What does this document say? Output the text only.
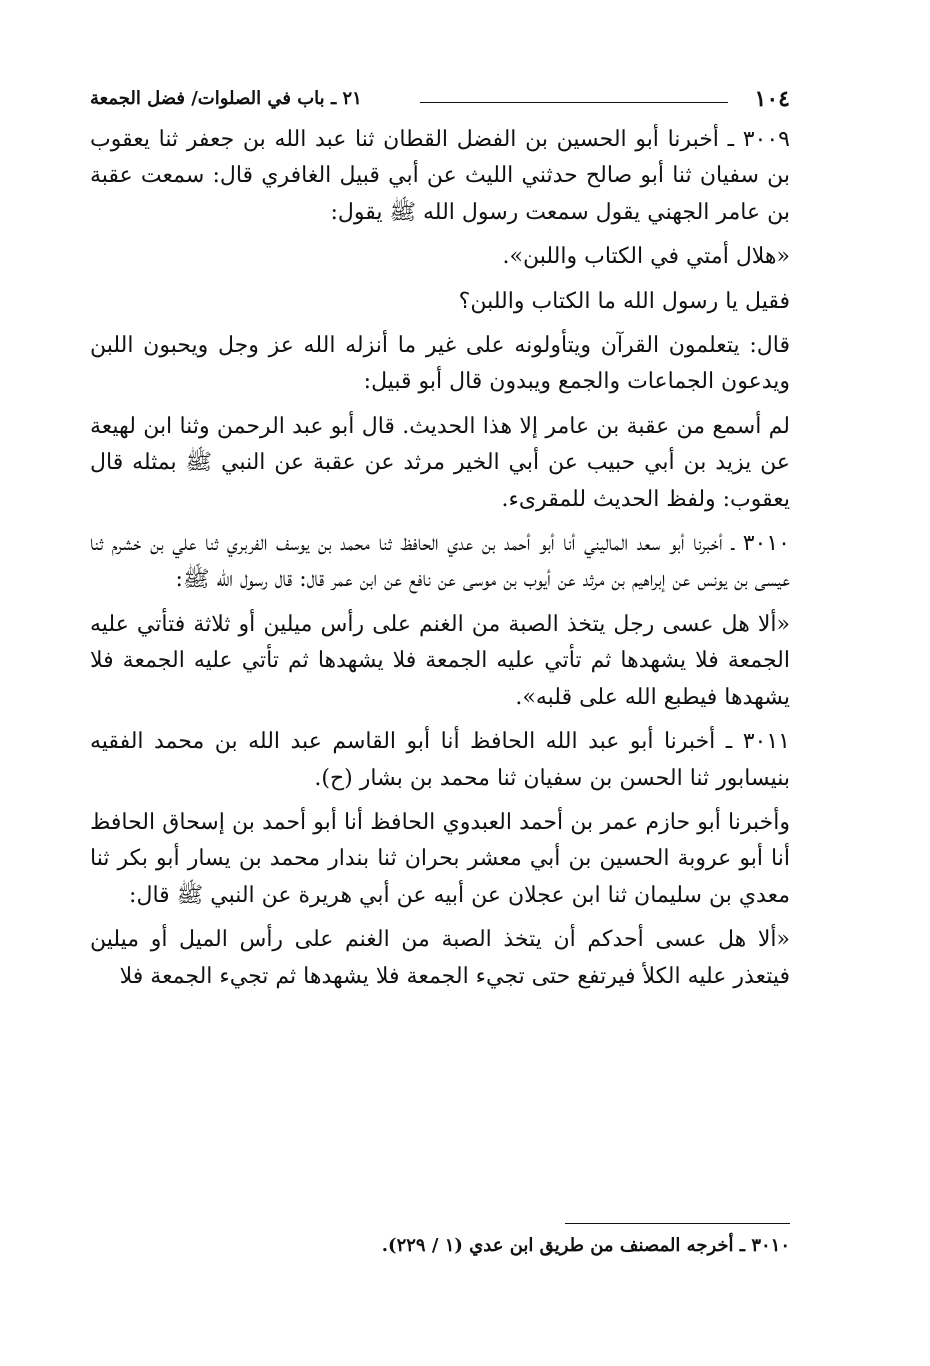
١٠٤
٢١ ـ باب في الصلوات/ فضل الجمعة

٣٠٠٩ ـ أخبرنا أبو الحسين بن الفضل القطان ثنا عبد الله بن جعفر ثنا يعقوب بن سفيان ثنا أبو صالح حدثني الليث عن أبي قبيل الغافري قال: سمعت عقبة بن عامر الجهني يقول سمعت رسول الله ﷺ يقول:

«هلال أمتي في الكتاب واللبن».

فقيل يا رسول الله ما الكتاب واللبن؟

قال: يتعلمون القرآن ويتأولونه على غير ما أنزله الله عز وجل ويحبون اللبن ويدعون الجماعات والجمع ويبدون قال أبو قبيل:

لم أسمع من عقبة بن عامر إلا هذا الحديث. قال أبو عبد الرحمن وثنا ابن لهيعة عن يزيد بن أبي حبيب عن أبي الخير مرثد عن عقبة عن النبي ﷺ بمثله قال يعقوب: ولفظ الحديث للمقرىء.

٣٠١٠ ـ أخبرنا أبو سعد الماليني أنا أبو أحمد بن عدي الحافظ ثنا محمد بن يوسف الفربري ثنا علي بن خشرم ثنا عيسى بن يونس عن إبراهيم بن مرثد عن أيوب بن موسى عن نافع عن ابن عمر قال: قال رسول الله ﷺ:

«ألا هل عسى رجل يتخذ الصبة من الغنم على رأس ميلين أو ثلاثة فتأتي عليه الجمعة فلا يشهدها ثم تأتي عليه الجمعة فلا يشهدها ثم تأتي عليه الجمعة فلا يشهدها فيطبع الله على قلبه».

٣٠١١ ـ أخبرنا أبو عبد الله الحافظ أنا أبو القاسم عبد الله بن محمد الفقيه بنيسابور ثنا الحسن بن سفيان ثنا محمد بن بشار (ح).

وأخبرنا أبو حازم عمر بن أحمد العبدوي الحافظ أنا أبو أحمد بن إسحاق الحافظ أنا أبو عروبة الحسين بن أبي معشر بحران ثنا بندار محمد بن يسار أبو بكر ثنا معدي بن سليمان ثنا ابن عجلان عن أبيه عن أبي هريرة عن النبي ﷺ قال:

«ألا هل عسى أحدكم أن يتخذ الصبة من الغنم على رأس الميل أو ميلين فيتعذر عليه الكلأ فيرتفع حتى تجيء الجمعة فلا يشهدها ثم تجيء الجمعة فلا

٣٠١٠ ـ أخرجه المصنف من طريق ابن عدي (١ / ٢٢٩).
